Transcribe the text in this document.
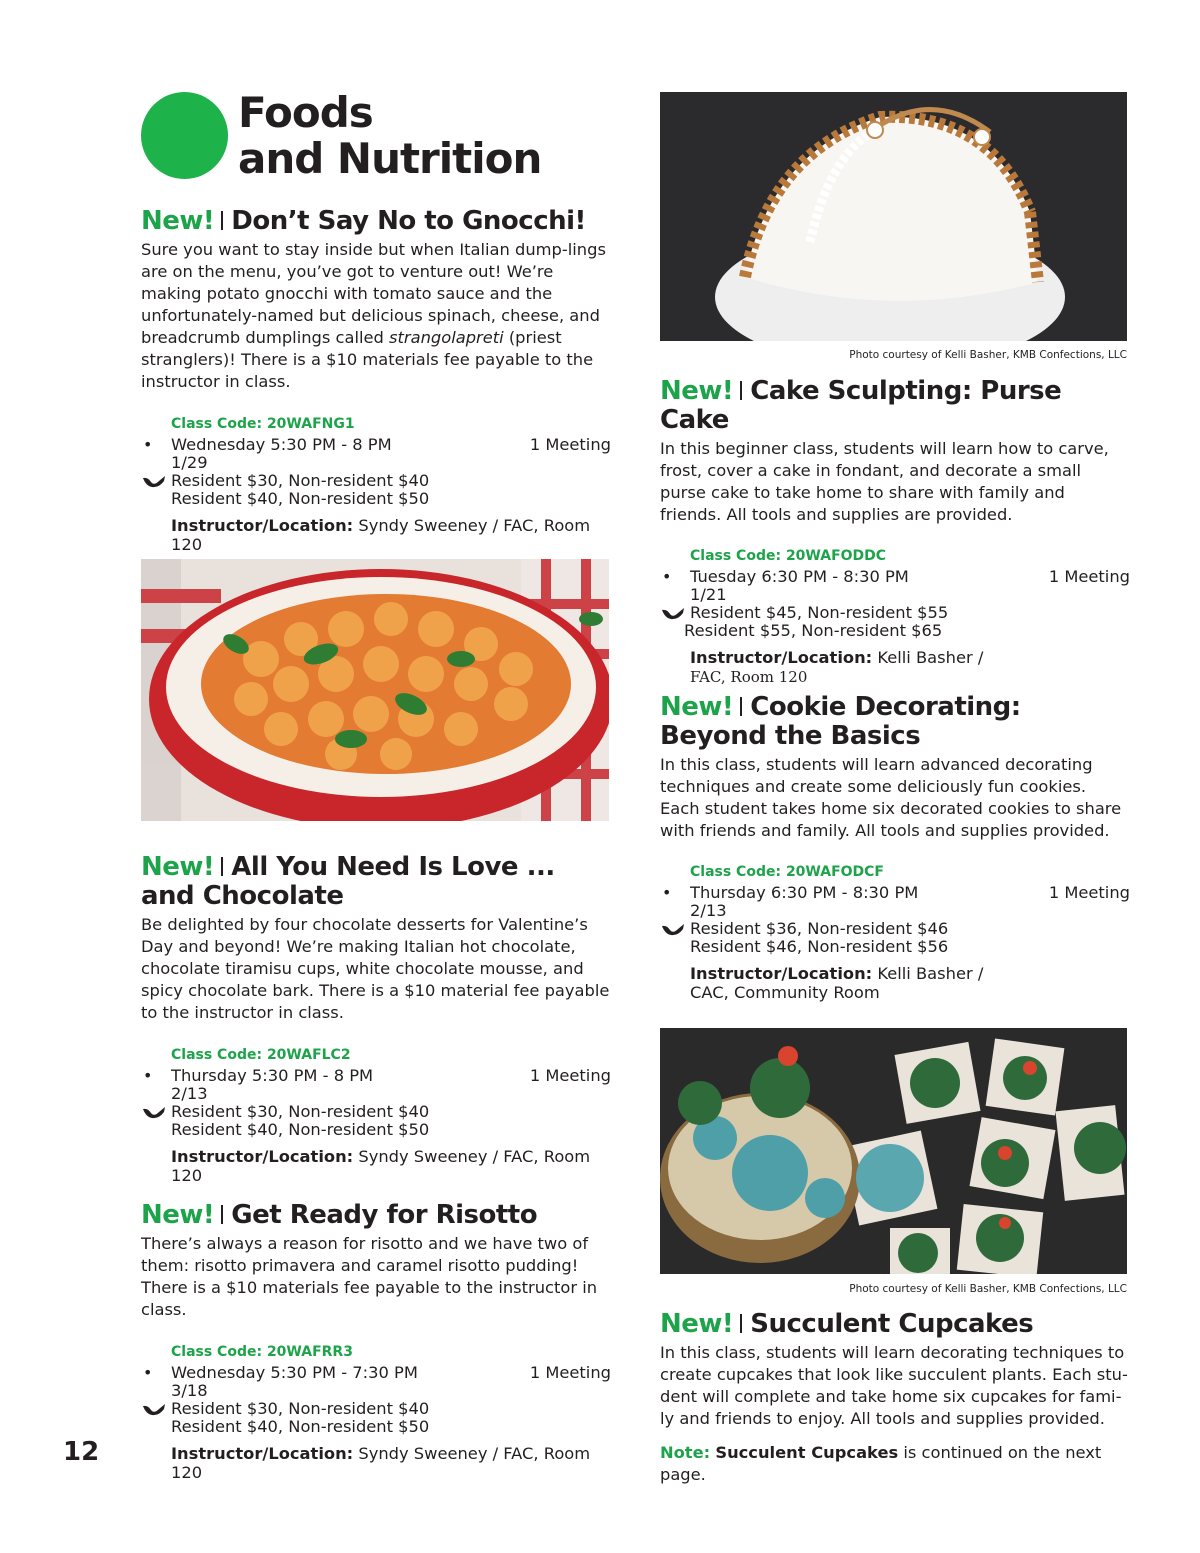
Foods
and Nutrition
New! Don’t Say No to Gnocchi!

Sure you want to stay inside but when Italian dump-lings are on the menu, you’ve got to venture out! We’re making potato gnocchi with tomato sauce and the unfortunately-named but delicious spinach, cheese, and breadcrumb dumplings called strangolapreti (priest stranglers)! There is a $10 materials fee payable to the instructor in class.

Class Code: 20WAFNG1
• Wednesday 5:30 PM - 8 PM	1 Meeting
1/29
Resident $30, Non-resident $40
Resident $40, Non-resident $50
Instructor/Location: Syndy Sweeney / FAC, Room 120
New! All You Need Is Love ...
and Chocolate

Be delighted by four chocolate desserts for Valentine’s Day and beyond! We’re making Italian hot chocolate, chocolate tiramisu cups, white chocolate mousse, and spicy chocolate bark. There is a $10 material fee payable to the instructor in class.

Class Code: 20WAFLC2
• Thursday 5:30 PM - 8 PM	1 Meeting
2/13
Resident $30, Non-resident $40
Resident $40, Non-resident $50
Instructor/Location: Syndy Sweeney / FAC, Room 120
New! Get Ready for Risotto

There’s always a reason for risotto and we have two of them: risotto primavera and caramel risotto pudding! There is a $10 materials fee payable to the instructor in class.

Class Code: 20WAFRR3
• Wednesday 5:30 PM - 7:30 PM	1 Meeting
3/18
Resident $30, Non-resident $40
Resident $40, Non-resident $50
Instructor/Location: Syndy Sweeney / FAC, Room 120
12
Photo courtesy of Kelli Basher, KMB Confections, LLC
New! Cake Sculpting: Purse Cake

In this beginner class, students will learn how to carve, frost, cover a cake in fondant, and decorate a small purse cake to take home to share with family and friends. All tools and supplies are provided.

Class Code: 20WAFODDC
• Tuesday 6:30 PM - 8:30 PM	1 Meeting
1/21
Resident $45, Non-resident $55
Resident $55, Non-resident $65
Instructor/Location: Kelli Basher /
FAC, Room 120
New! Cookie Decorating:
Beyond the Basics

In this class, students will learn advanced decorating techniques and create some deliciously fun cookies. Each student takes home six decorated cookies to share with friends and family. All tools and supplies provided.

Class Code: 20WAFODCF
• Thursday 6:30 PM - 8:30 PM	1 Meeting
2/13
Resident $36, Non-resident $46
Resident $46, Non-resident $56
Instructor/Location: Kelli Basher /
CAC, Community Room
Photo courtesy of Kelli Basher, KMB Confections, LLC
New! Succulent Cupcakes

In this class, students will learn decorating techniques to create cupcakes that look like succulent plants. Each stu-dent will complete and take home six cupcakes for fami-ly and friends to enjoy. All tools and supplies provided.

Note: Succulent Cupcakes is continued on the next page.
